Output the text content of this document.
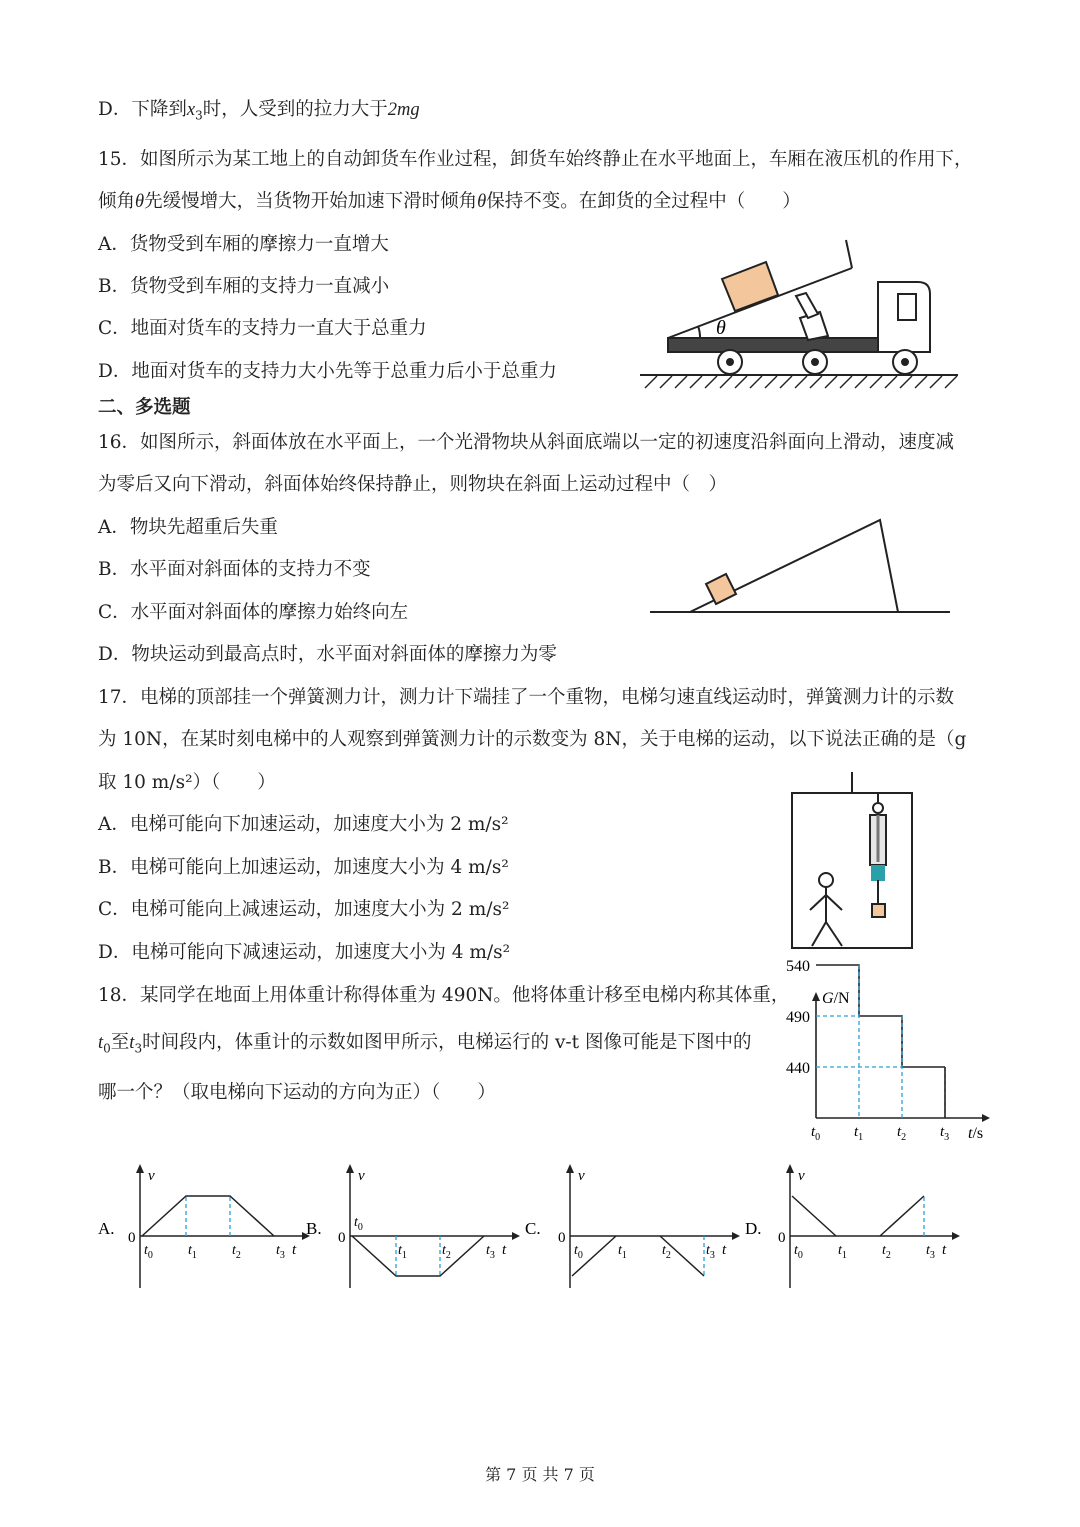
D．下降到$x_3$时，人受到的拉力大于2mg
15．如图所示为某工地上的自动卸货车作业过程，卸货车始终静止在水平地面上，车厢在液压机的作用下，
倾角θ先缓慢增大，当货物开始加速下滑时倾角θ保持不变。在卸货的全过程中（　　）
A．货物受到车厢的摩擦力一直增大
B．货物受到车厢的支持力一直减小
C．地面对货车的支持力一直大于总重力
D．地面对货车的支持力大小先等于总重力后小于总重力
θ
二、多选题
16．如图所示，斜面体放在水平面上，一个光滑物块从斜面底端以一定的初速度沿斜面向上滑动，速度减
为零后又向下滑动，斜面体始终保持静止，则物块在斜面上运动过程中（　）
A．物块先超重后失重
B．水平面对斜面体的支持力不变
C．水平面对斜面体的摩擦力始终向左
D．物块运动到最高点时，水平面对斜面体的摩擦力为零
17．电梯的顶部挂一个弹簧测力计，测力计下端挂了一个重物，电梯匀速直线运动时，弹簧测力计的示数
为 10N，在某时刻电梯中的人观察到弹簧测力计的示数变为 8N，关于电梯的运动，以下说法正确的是（g
取 10 m/s²）（　　）
A．电梯可能向下加速运动，加速度大小为 2 m/s²
B．电梯可能向上加速运动，加速度大小为 4 m/s²
C．电梯可能向上减速运动，加速度大小为 2 m/s²
D．电梯可能向下减速运动，加速度大小为 4 m/s²
18．某同学在地面上用体重计称得体重为 490N。他将体重计移至电梯内称其体重，
$t_0$至$t_3$时间段内，体重计的示数如图甲所示，电梯运行的 v-t 图像可能是下图中的
哪一个？（取电梯向下运动的方向为正）（　　）
G/N
t/s
540
490
440
$t_0$ $t_1$ $t_2$ $t_3$
A.
v
t
0
$t_0$	$t_1$	$t_2$	$t_3$
B.
v
t
0
$t_0$
$t_1$	$t_2$	$t_3$
C.
v
t
0
$t_0$	$t_1$	$t_2$	$t_3$
D.
v
t
0
$t_0$	$t_1$	$t_2$	$t_3$
第 7 页 共 7 页
